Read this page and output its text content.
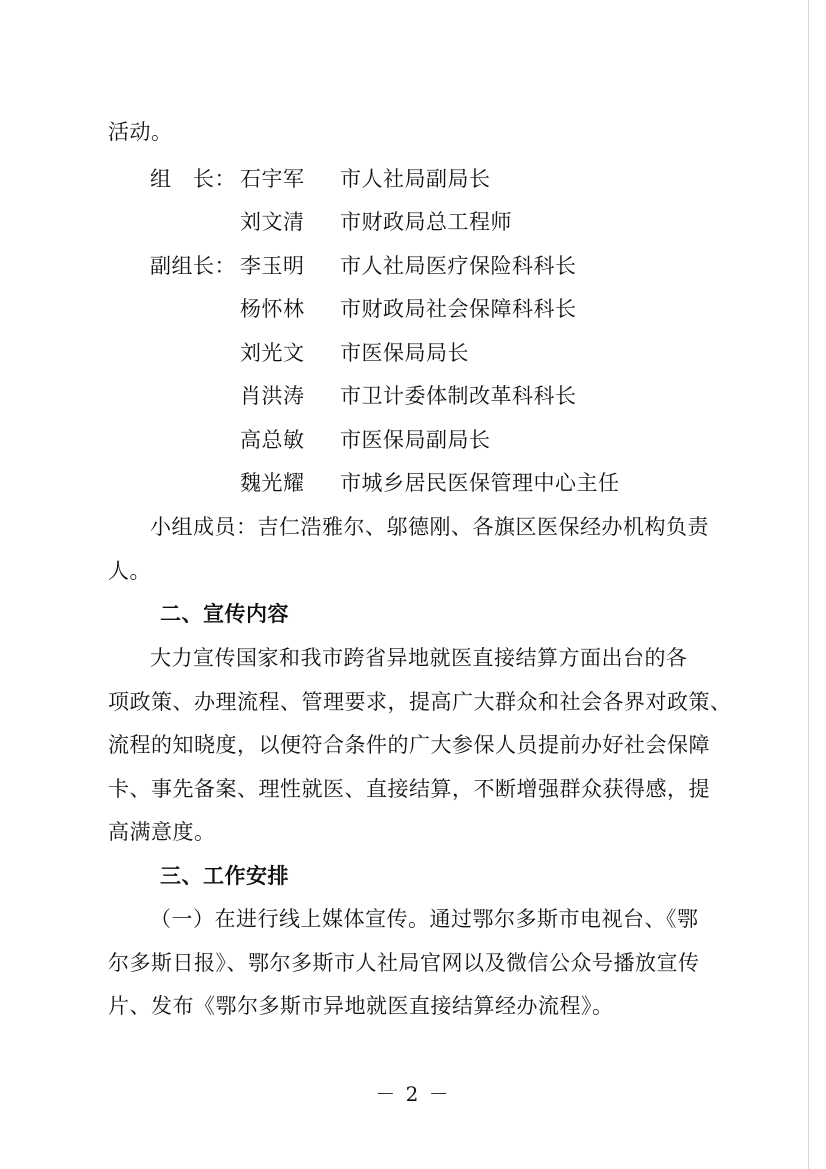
活动。
组　长： 石宇军 市人社局副局长
刘文清 市财政局总工程师
副组长： 李玉明 市人社局医疗保险科科长
杨怀林 市财政局社会保障科科长
刘光文 市医保局局长
肖洪涛 市卫计委体制改革科科长
高总敏 市医保局副局长
魏光耀 市城乡居民医保管理中心主任
小组成员：吉仁浩雅尔、邬德刚、各旗区医保经办机构负责
人。
二、宣传内容
大力宣传国家和我市跨省异地就医直接结算方面出台的各
项政策、办理流程、管理要求，提高广大群众和社会各界对政策、
流程的知晓度，以便符合条件的广大参保人员提前办好社会保障
卡、事先备案、理性就医、直接结算，不断增强群众获得感，提
高满意度。
三、工作安排
（一）在进行线上媒体宣传。通过鄂尔多斯市电视台、《鄂
尔多斯日报》、鄂尔多斯市人社局官网以及微信公众号播放宣传
片、发布《鄂尔多斯市异地就医直接结算经办流程》。
－ 2 －
